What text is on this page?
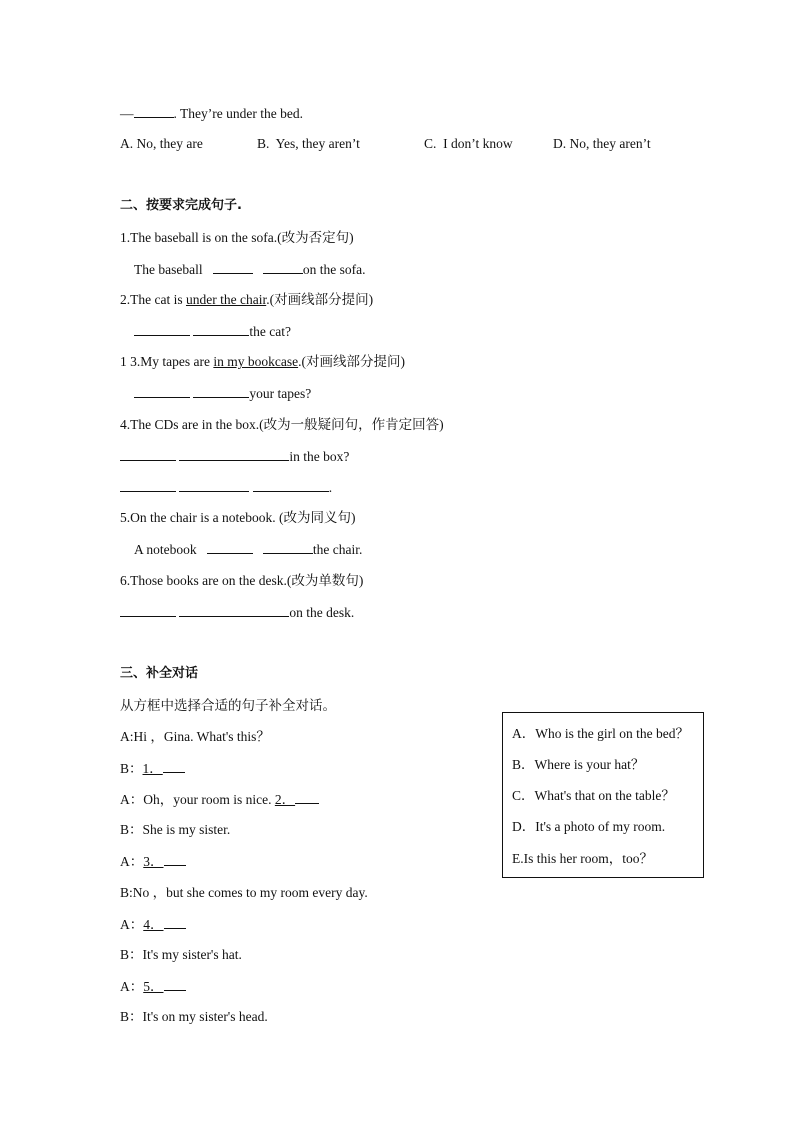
—	. They’re under the bed.

A. No, they are

	B.  Yes, they aren’t

	C.  I don’t know

	D. No, they aren’t

二、按要求完成句子.
1.The baseball is on the sofa.(改为否定句)
The baseball	on the sofa.
2.The cat is under the chair.(对画线部分提问)
the cat?
1 3.My tapes are in my bookcase.(对画线部分提问)
your tapes?
4.The CDs are in the box.(改为一般疑问句，作肯定回答)
in the box?
.
5.On the chair is a notebook. (改为同义句)
A notebook	the chair.
6.Those books are on the desk.(改为单数句)
on the desk.
三、补全对话
从方框中选择合适的句子补全对话。
A:Hi ，Gina. What's this？
B：1．
A：Oh，your room is nice. 2．
B：She is my sister.
A：3．
B:No ，but she comes to my room every day.
A：4．
B：It's my sister's hat.
A：5．
B：It's on my sister's head.
A．Who is the girl on the bed？
B．Where is your hat？
C．What's that on the table？
D．It's a photo of my room.
E.Is this her room，too？
